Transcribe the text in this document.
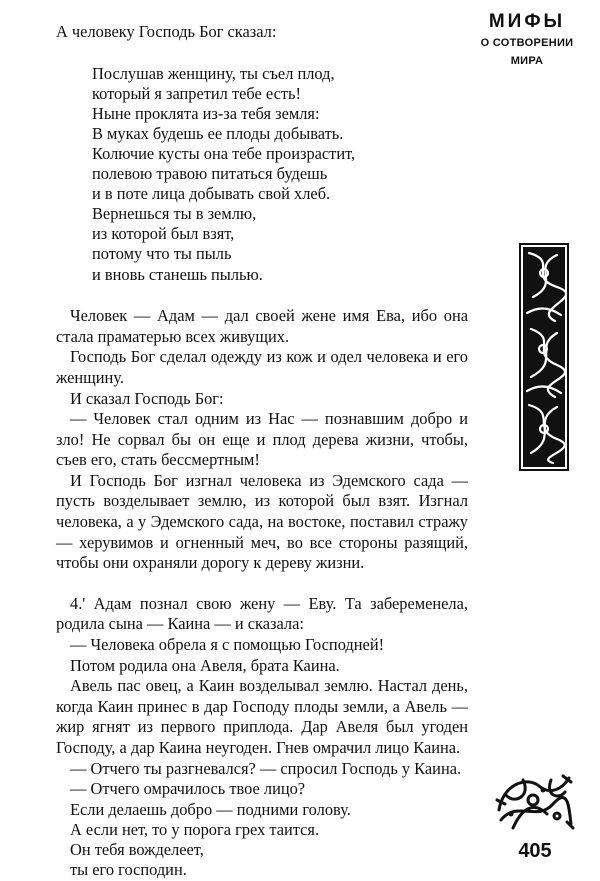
МИФЫ
О СОТВОРЕНИИ
МИРА

А человеку Господь Бог сказал:

Послушав женщину, ты съел плод,
который я запретил тебе есть!
Ныне проклята из-за тебя земля:
В муках будешь ее плоды добывать.
Колючие кусты она тебе произрастит,
полевою травою питаться будешь
и в поте лица добывать свой хлеб.
Вернешься ты в землю,
из которой был взят,
потому что ты пыль
и вновь станешь пылью.

Человек — Адам — дал своей жене имя Ева, ибо она стала праматерью всех живущих.

Господь Бог сделал одежду из кож и одел человека и его женщину.

И сказал Господь Бог:

— Человек стал одним из Нас — познавшим добро и зло! Не сорвал бы он еще и плод дерева жизни, чтобы, съев его, стать бессмертным!

И Господь Бог изгнал человека из Эдемского сада — пусть возделывает землю, из которой был взят. Изгнал человека, а у Эдемского сада, на востоке, поставил стражу — херувимов и огненный меч, во все стороны разящий, чтобы они охраняли дорогу к дереву жизни.

4.' Адам познал свою жену — Еву. Та забеременела, родила сына — Каина — и сказала:

— Человека обрела я с помощью Господней!

Потом родила она Авеля, брата Каина.

Авель пас овец, а Каин возделывал землю. Настал день, когда Каин принес в дар Господу плоды земли, а Авель — жир ягнят из первого приплода. Дар Авеля был угоден Господу, а дар Каина неугоден. Гнев омрачил лицо Каина.

— Отчего ты разгневался? — спросил Господь у Каина.

— Отчего омрачилось твое лицо?

Если делаешь добро — подними голову.
А если нет, то у порога грех таится.
Он тебя вожделеет,
ты его господин.
405
